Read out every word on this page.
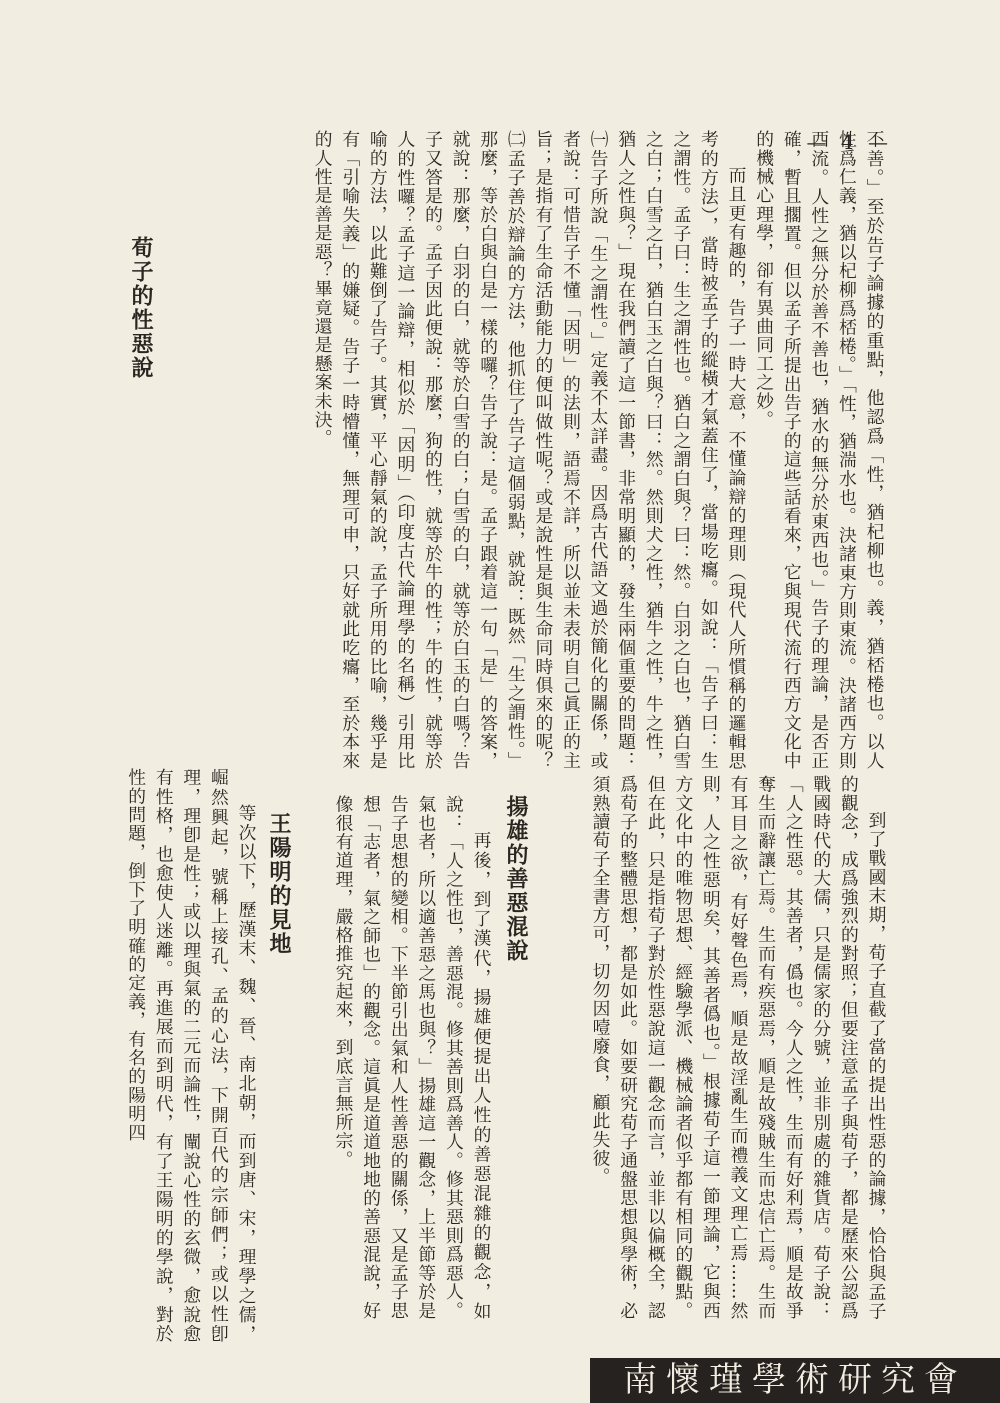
— 4 —

不善。」至於告子論據的重點，他認爲「性，猶杞柳也。義，猶桮棬也。以人性爲仁義，猶以杞柳爲桮棬。」「性，猶湍水也。決諸東方則東流。決諸西方則西流。人性之無分於善不善也，猶水的無分於東西也。」告子的理論，是否正確，暫且擱置。但以孟子所提出告子的這些話看來，它與現代流行西方文化中的機械心理學，卻有異曲同工之妙。

而且更有趣的，告子一時大意，不懂論辯的理則（現代人所慣稱的邏輯思考的方法），當時被孟子的縱橫才氣蓋住了，當場吃癟。如說：「告子曰：生之謂性。孟子曰：生之謂性也。猶白之謂白與？曰：然。白羽之白也，猶白雪之白；白雪之白，猶白玉之白與？曰：然。然則犬之性，猶牛之性，牛之性，猶人之性與？」現在我們讀了這一節書，非常明顯的，發生兩個重要的問題：㈠告子所說「生之謂性。」定義不太詳盡。因爲古代語文過於簡化的關係，或者說：可惜告子不懂「因明」的法則，語焉不詳，所以並未表明自己眞正的主旨；是指有了生命活動能力的便叫做性呢？或是說性是與生命同時俱來的呢？㈡孟子善於辯論的方法，他抓住了告子這個弱點，就說：既然「生之謂性。」那麼，等於白與白是一樣的囉？告子說：是。孟子跟着這一句「是」的答案，就說：那麼，白羽的白，就等於白雪的白；白雪的白，就等於白玉的白嗎？告子又答是的。孟子因此便說：那麼，狗的性，就等於牛的性；牛的性，就等於人的性囉？孟子這一論辯，相似於「因明」（印度古代論理學的名稱）引用比喻的方法，以此難倒了告子。其實，平心靜氣的說，孟子所用的比喻，幾乎是有「引喻失義」的嫌疑。告子一時懵懂，無理可申，只好就此吃癟，至於本來的人性是善是惡？畢竟還是懸案未決。

荀子的性惡說

到了戰國末期，荀子直截了當的提出性惡的論據，恰恰與孟子的觀念，成爲強烈的對照；但要注意孟子與荀子，都是歷來公認爲戰國時代的大儒，只是儒家的分號，並非別處的雜貨店。荀子說：「人之性惡。其善者，僞也。今人之性，生而有好利焉，順是故爭奪生而辭讓亡焉。生而有疾惡焉，順是故殘賊生而忠信亡焉。生而有耳目之欲，有好聲色焉，順是故淫亂生而禮義文理亡焉……然則，人之性惡明矣，其善者僞也。」根據荀子這一節理論，它與西方文化中的唯物思想、經驗學派、機械論者似乎都有相同的觀點。但在此，只是指荀子對於性惡說這一觀念而言，並非以偏概全，認爲荀子的整體思想，都是如此。如要研究荀子通盤思想與學術，必須熟讀荀子全書方可，切勿因噎廢食，顧此失彼。

揚雄的善惡混說

再後，到了漢代，揚雄便提出人性的善惡混雜的觀念，如說：「人之性也，善惡混。修其善則爲善人。修其惡則爲惡人。氣也者，所以適善惡之馬也與？」揚雄這一觀念，上半節等於是告子思想的變相。下半節引出氣和人性善惡的關係，又是孟子思想「志者，氣之師也」的觀念。這眞是道道地地的善惡混說，好像很有道理，嚴格推究起來，到底言無所宗。

王陽明的見地

等次以下，歷漢末、魏、晉、南北朝，而到唐、宋，理學之儒，崛然興起，號稱上接孔、孟的心法，下開百代的宗師們；或以性卽理，理卽是性；或以理與氣的二元而論性，闡說心性的玄微，愈說愈有性格，也愈使人迷離。再進展而到明代，有了王陽明的學說，對於性的問題，倒下了明確的定義，有名的陽明四

南懷瑾學術研究會
